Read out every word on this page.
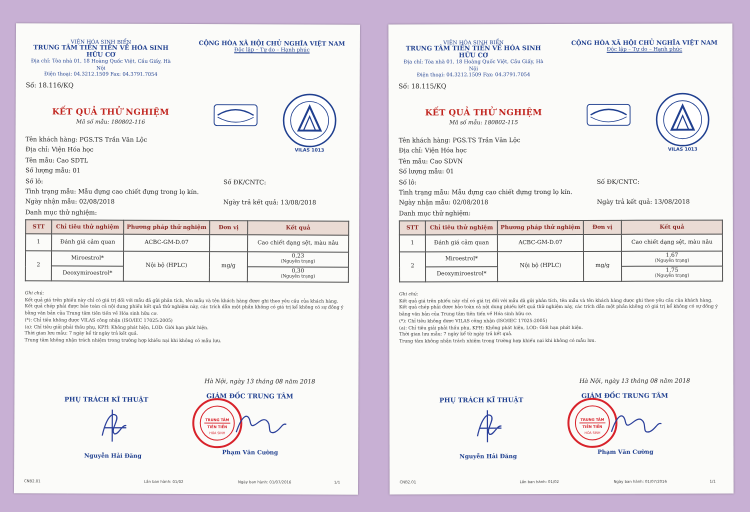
VIỆN HÓA SINH BIỂN
TRUNG TÂM TIỀN TIẾN VỀ HÓA SINH HỮU CƠ
Địa chỉ: Tòa nhà 01, 18 Hoàng Quốc Việt, Cầu Giấy, Hà Nội
Điện thoại: 04.3212.1509 Fax: 04.3791.7054
CỘNG HÒA XÃ HỘI CHỦ NGHĨA VIỆT NAM
Độc lập – Tự do – Hạnh phúc
Số: 18.116/KQ
KẾT QUẢ THỬ NGHIỆM
Mã số mẫu: 180802-116
VILAS 1013
Tên khách hàng: PGS.TS Trần Văn Lộc
Địa chỉ: Viện Hóa học
Tên mẫu: Cao SDTL
Số lượng mẫu: 01
Số lô:	Số ĐK/CNTC:
Tình trạng mẫu: Mẫu đựng cao chiết đựng trong lọ kín.
Ngày nhận mẫu: 02/08/2018	Ngày trả kết quả: 13/08/2018
Danh mục thử nghiệm:
STT	Chỉ tiêu thử nghiệm	Phương pháp thử nghiệm	Đơn vị	Kết quả
1	Đánh giá cảm quan	ACBC-GM-D.07		Cao chiết dạng sệt, màu nâu
2	Miroestrol*	Nội bộ (HPLC)	mg/g	0,23
(Nguyên trạng)

	Deoxymiroestrol*			0,30
(Nguyên trạng)
Ghi chú:
Kết quả giá trên phiếu này chỉ có giá trị đối với mẫu đã gửi phân tích, tên mẫu và tên khách hàng được ghi theo yêu cầu của khách hàng.
Kết quả chép phải được bảo toàn cả nội dung phiếu kết quả thử nghiệm này, các trích dẫn một phần không có giá trị kể không có sự đồng ý bằng văn bản của Trung tâm tiên tiến về Hóa sinh hữu cơ.
(*): Chỉ tiêu không được VILAS công nhận (ISO/IEC 17025:2005)
(a): Chỉ tiêu giải phải thầu phụ, KPH: Không phát hiện, LOD: Giới hạn phát hiện.
Thời gian lưu mẫu: 7 ngày kể từ ngày trả kết quả.
Trung tâm không nhận trách nhiệm trong trường hợp khiếu nại khi không có mẫu lưu.
Hà Nội, ngày 13 tháng 08 năm 2018
PHỤ TRÁCH KĨ THUẬT	GIÁM ĐỐC TRUNG TÂM
TRUNG TÂM
TIÊN TIẾN
HÓA SINH
Nguyễn Hải Đăng
Phạm Văn Cường
CNB2.01	Lần ban hành: 01/02	Ngày ban hành: 01/07/2016	1/1
VIỆN HÓA SINH BIỂN
TRUNG TÂM TIỀN TIẾN VỀ HÓA SINH HỮU CƠ
Địa chỉ: Tòa nhà 01, 18 Hoàng Quốc Việt, Cầu Giấy, Hà Nội
Điện thoại: 04.3212.1509 Fax: 04.3791.7054
CỘNG HÒA XÃ HỘI CHỦ NGHĨA VIỆT NAM
Độc lập – Tự do – Hạnh phúc
Số: 18.115/KQ
KẾT QUẢ THỬ NGHIỆM
Mã số mẫu: 180802-115
VILAS 1013
Tên khách hàng: PGS.TS Trần Văn Lộc
Địa chỉ: Viện Hóa học
Tên mẫu: Cao SDVN
Số lượng mẫu: 01
Số lô:	Số ĐK/CNTC:
Tình trạng mẫu: Mẫu đựng cao chiết đựng trong lọ kín.
Ngày nhận mẫu: 02/08/2018	Ngày trả kết quả: 13/08/2018
Danh mục thử nghiệm:
STT	Chỉ tiêu thử nghiệm	Phương pháp thử nghiệm	Đơn vị	Kết quả
1	Đánh giá cảm quan	ACBC-GM-D.07		Cao chiết dạng sệt, màu nâu
2	Miroestrol*	Nội bộ (HPLC)	mg/g	1,67
(Nguyên trạng)

	Deoxymiroestrol*			1,75
(Nguyên trạng)
Ghi chú:
Kết quả giá trên phiếu này chỉ có giá trị đối với mẫu đã gửi phân tích, tên mẫu và tên khách hàng được ghi theo yêu cầu của khách hàng.
Kết quả chép phải được bảo toàn cả nội dung phiếu kết quả thử nghiệm này, các trích dẫn một phần không có giá trị kể không có sự đồng ý bằng văn bản của Trung tâm tiên tiến về Hóa sinh hữu cơ.
(*): Chỉ tiêu không được VILAS công nhận (ISO/IEC 17025:2005)
(a): Chỉ tiêu giải phải thầu phụ, KPH: Không phát hiện, LOD: Giới hạn phát hiện.
Thời gian lưu mẫu: 7 ngày kể từ ngày trả kết quả.
Trung tâm không nhận trách nhiệm trong trường hợp khiếu nại khi không có mẫu lưu.
Hà Nội, ngày 13 tháng 08 năm 2018
PHỤ TRÁCH KĨ THUẬT
GIÁM ĐỐC TRUNG TÂM
TRUNG TÂM
TIÊN TIẾN
HÓA SINH
Nguyễn Hải Đăng
Phạm Văn Cường
CNB2.01	Lần ban hành: 01/02	Ngày ban hành: 01/07/2016	1/1
